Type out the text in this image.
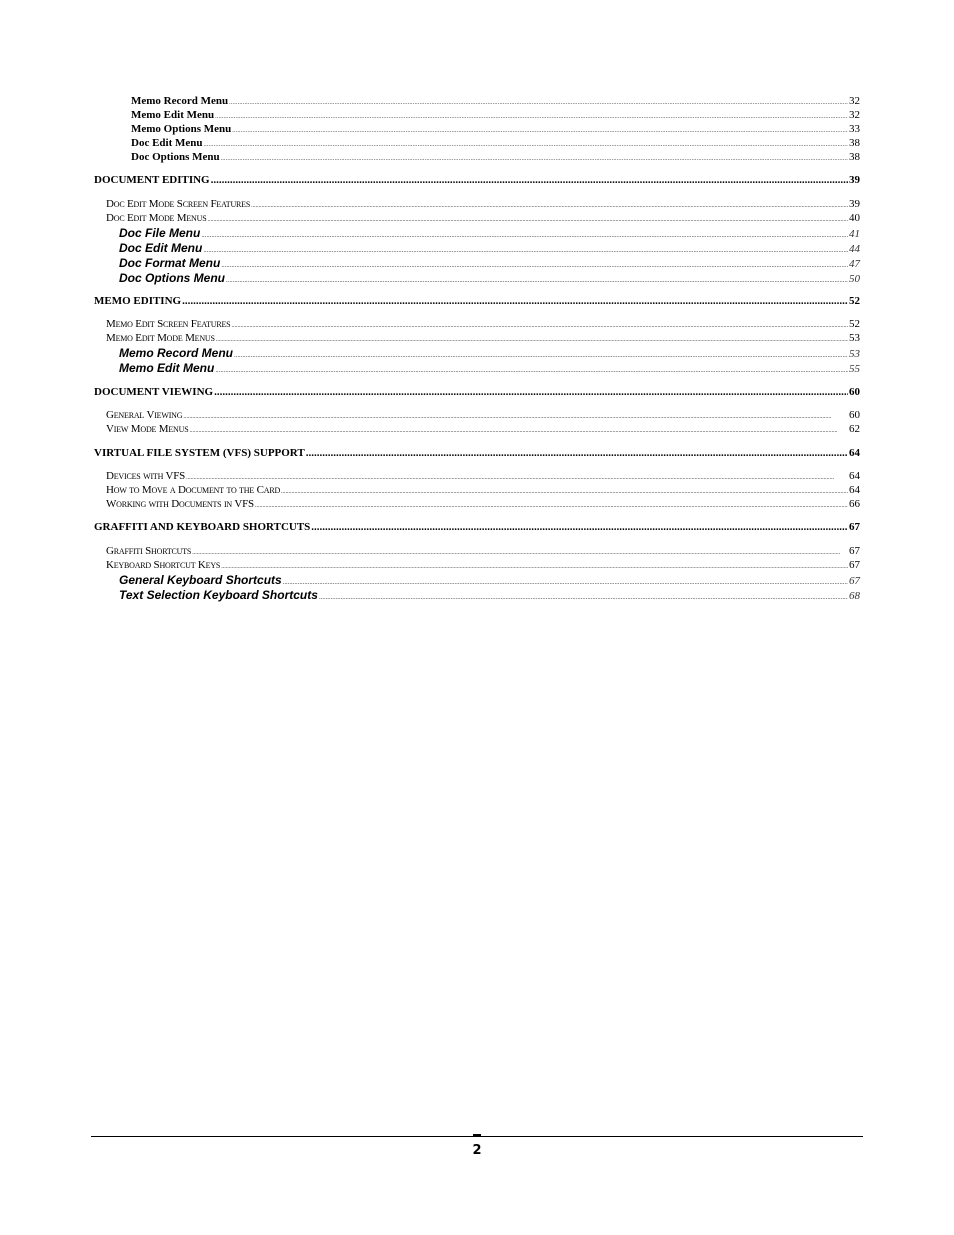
Memo Record Menu .....	32
Memo Edit Menu .....	32
Memo Options Menu .....	33
Doc Edit Menu .....	38
Doc Options Menu .....	38
DOCUMENT EDITING .....	39
Doc Edit Mode Screen Features .....	39
Doc Edit Mode Menus .....	40
Doc File Menu .....	41
Doc Edit Menu .....	44
Doc Format Menu .....	47
Doc Options Menu .....	50
MEMO EDITING .....	52
Memo Edit Screen Features .....	52
Memo Edit Mode Menus .....	53
Memo Record Menu .....	53
Memo Edit Menu .....	55
DOCUMENT VIEWING .....	60
General Viewing .....	60
View Mode Menus .....	62
VIRTUAL FILE SYSTEM (VFS) SUPPORT .....	64
Devices with VFS .....	64
How to Move a Document to the Card .....	64
Working with Documents in VFS .....	66
GRAFFITI AND KEYBOARD SHORTCUTS .....	67
Graffiti Shortcuts .....	67
Keyboard Shortcut Keys .....	67
General Keyboard Shortcuts .....	67
Text Selection Keyboard Shortcuts .....	68
2
